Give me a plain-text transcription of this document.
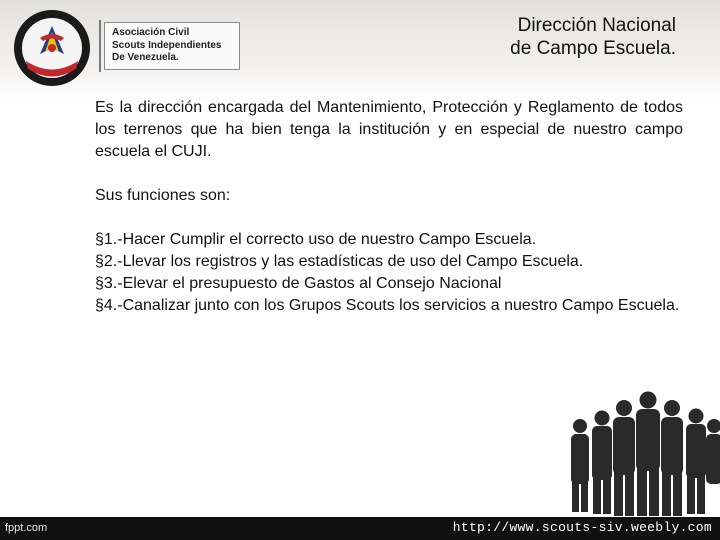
Asociación Civil
Scouts Independientes
De Venezuela.
Dirección Nacional
de Campo Escuela.

Es la dirección encargada del Mantenimiento, Protección y Reglamento de todos los terrenos que ha bien tenga la institución y en especial de nuestro campo escuela el CUJI.

Sus funciones son:

§1.-Hacer Cumplir el correcto uso de nuestro Campo Escuela.
§2.-Llevar los registros y las estadísticas de uso del Campo Escuela.
§3.-Elevar el presupuesto de Gastos al Consejo Nacional
§4.-Canalizar junto con los Grupos Scouts los servicios a nuestro Campo Escuela.
fppt.com	http://www.scouts-siv.weebly.com
